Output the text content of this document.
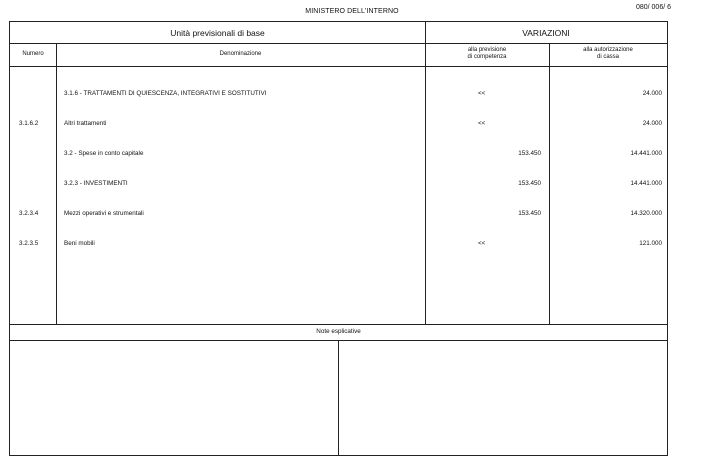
MINISTERO DELL'INTERNO
080/ 006/ 6
Unità previsionali di base	VARIAZIONI
Numero	Denominazione
alla previsione
di competenza
alla autorizzazione
di cassa
3.1.6 - TRATTAMENTI DI QUIESCENZA, INTEGRATIVI E SOSTITUTIVI	<<	24.000
3.1.6.2	Altri trattamenti	<<	24.000
3.2 - Spese in conto capitale	153.450	14.441.000
3.2.3 - INVESTIMENTI	153.450	14.441.000
3.2.3.4	Mezzi operativi e strumentali	153.450	14.320.000
3.2.3.5	Beni mobili	<<	121.000
Note esplicative
